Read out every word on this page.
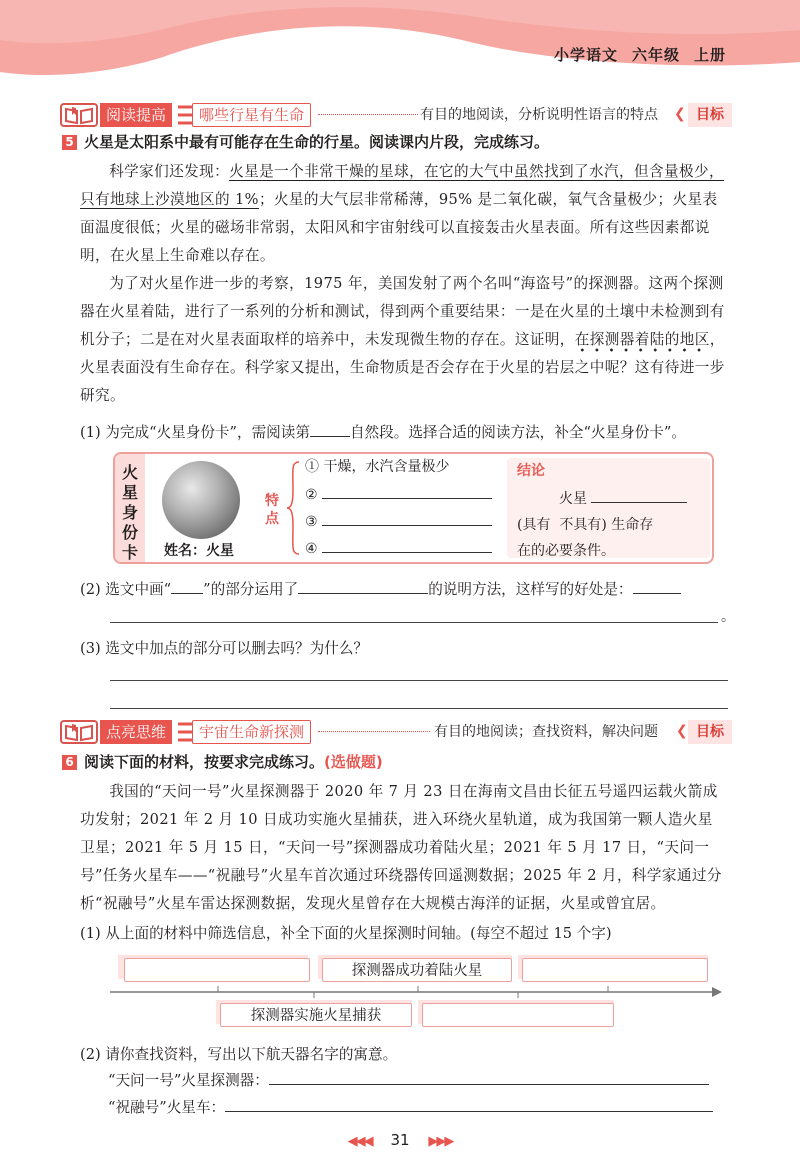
小学语文 六年级 上册
阅读提高	哪些行星有生命	有目的地阅读，分析说明性语言的特点 ❮ 目标
5 火星是太阳系中最有可能存在生命的行星。阅读课内片段，完成练习。
科学家们还发现：火星是一个非常干燥的星球，在它的大气中虽然找到了水汽，但含量极少，只有地球上沙漠地区的 1%；火星的大气层非常稀薄，95% 是二氧化碳，氧气含量极少；火星表面温度很低；火星的磁场非常弱，太阳风和宇宙射线可以直接轰击火星表面。所有这些因素都说明，在火星上生命难以存在。
为了对火星作进一步的考察，1975 年，美国发射了两个名叫“海盗号”的探测器。这两个探测器在火星着陆，进行了一系列的分析和测试，得到两个重要结果：一是在火星的土壤中未检测到有机分子；二是在对火星表面取样的培养中，未发现微生物的存在。这证明，在探测器着陆的地区，火星表面没有生命存在。科学家又提出，生命物质是否会存在于火星的岩层之中呢？这有待进一步研究。
(1) 为完成“火星身份卡”，需阅读第	自然段。选择合适的阅读方法，补全“火星身份卡”。
火
星
身
份
卡 姓名：火星
特
点
① 干燥，水汽含量极少
②
③
④
结论
火星
(具有  不具有) 生命存
在的必要条件。
(2) 选文中画“ ”的部分运用了	的说明方法，这样写的好处是：
。
(3) 选文中加点的部分可以删去吗？为什么？
点亮思维	宇宙生命新探测	有目的地阅读；查找资料，解决问题 ❮ 目标
6 阅读下面的材料，按要求完成练习。(选做题)
我国的“天问一号”火星探测器于 2020 年 7 月 23 日在海南文昌由长征五号遥四运载火箭成功发射；2021 年 2 月 10 日成功实施火星捕获，进入环绕火星轨道，成为我国第一颗人造火星卫星；2021 年 5 月 15 日，“天问一号”探测器成功着陆火星；2021 年 5 月 17 日，“天问一号”任务火星车——“祝融号”火星车首次通过环绕器传回遥测数据；2025 年 2 月，科学家通过分析“祝融号”火星车雷达探测数据，发现火星曾存在大规模古海洋的证据，火星或曾宜居。
(1) 从上面的材料中筛选信息，补全下面的火星探测时间轴。(每空不超过 15 个字)
探测器成功着陆火星
探测器实施火星捕获
(2) 请你查找资料，写出以下航天器名字的寓意。
“天问一号”火星探测器：
“祝融号”火星车：
◀◀◀ 31 ▶▶▶
